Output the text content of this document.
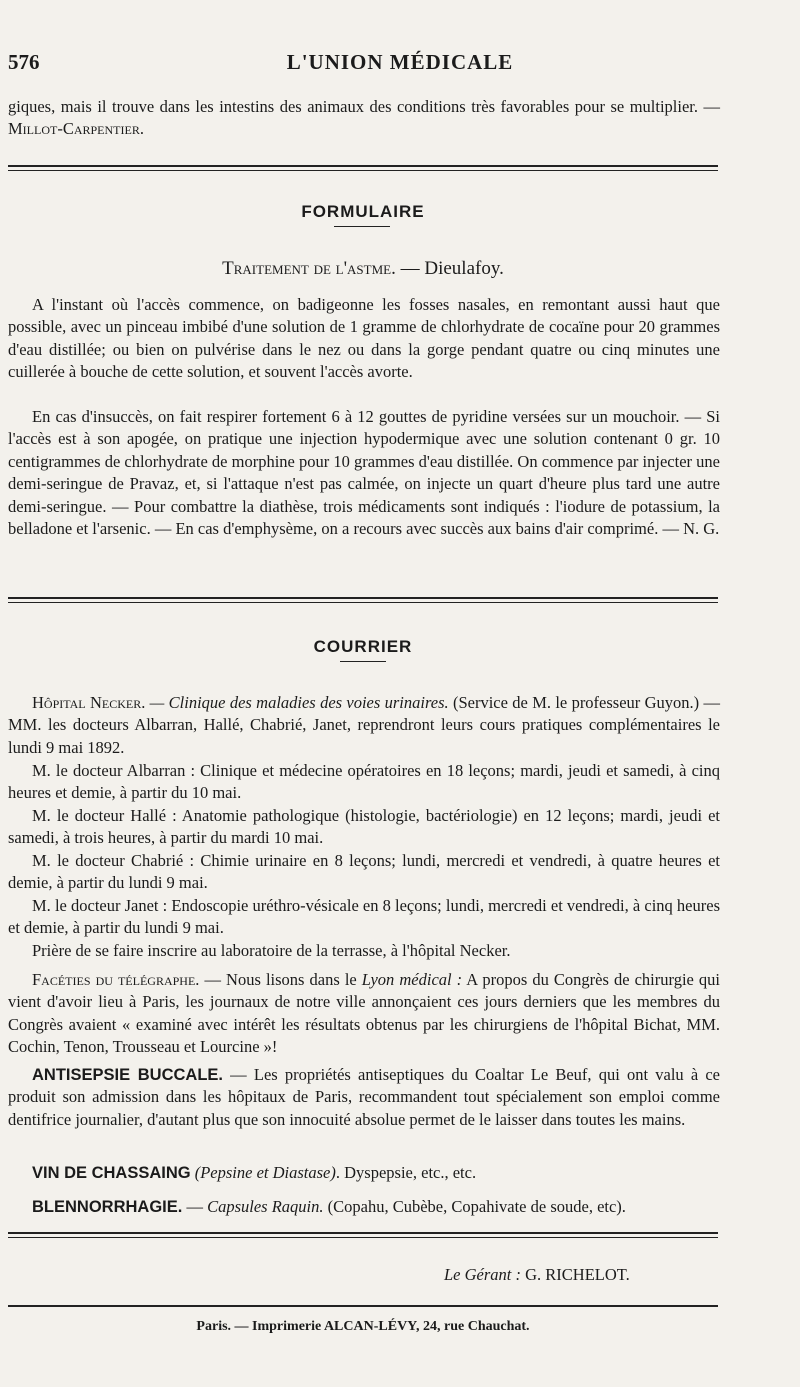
576	L'UNION MÉDICALE
giques, mais il trouve dans les intestins des animaux des conditions très favorables pour se multiplier. — Millot-Carpentier.
FORMULAIRE
Traitement de l'astme. — Dieulafoy.
A l'instant où l'accès commence, on badigeonne les fosses nasales, en remontant aussi haut que possible, avec un pinceau imbibé d'une solution de 1 gramme de chlorhydrate de cocaïne pour 20 grammes d'eau distillée; ou bien on pulvérise dans le nez ou dans la gorge pendant quatre ou cinq minutes une cuillerée à bouche de cette solution, et souvent l'accès avorte.
En cas d'insuccès, on fait respirer fortement 6 à 12 gouttes de pyridine versées sur un mouchoir. — Si l'accès est à son apogée, on pratique une injection hypodermique avec une solution contenant 0 gr. 10 centigrammes de chlorhydrate de morphine pour 10 grammes d'eau distillée. On commence par injecter une demi-seringue de Pravaz, et, si l'attaque n'est pas calmée, on injecte un quart d'heure plus tard une autre demi-seringue. — Pour combattre la diathèse, trois médicaments sont indiqués : l'iodure de potassium, la belladone et l'arsenic. — En cas d'emphysème, on a recours avec succès aux bains d'air comprimé. — N. G.
COURRIER
Hôpital Necker. — Clinique des maladies des voies urinaires. (Service de M. le professeur Guyon.) — MM. les docteurs Albarran, Hallé, Chabrié, Janet, reprendront leurs cours pratiques complémentaires le lundi 9 mai 1892.
M. le docteur Albarran : Clinique et médecine opératoires en 18 leçons; mardi, jeudi et samedi, à cinq heures et demie, à partir du 10 mai.
M. le docteur Hallé : Anatomie pathologique (histologie, bactériologie) en 12 leçons; mardi, jeudi et samedi, à trois heures, à partir du mardi 10 mai.
M. le docteur Chabrié : Chimie urinaire en 8 leçons; lundi, mercredi et vendredi, à quatre heures et demie, à partir du lundi 9 mai.
M. le docteur Janet : Endoscopie uréthro-vésicale en 8 leçons; lundi, mercredi et vendredi, à cinq heures et demie, à partir du lundi 9 mai.
Prière de se faire inscrire au laboratoire de la terrasse, à l'hôpital Necker.
Facéties du télégraphe. — Nous lisons dans le Lyon médical : A propos du Congrès de chirurgie qui vient d'avoir lieu à Paris, les journaux de notre ville annonçaient ces jours derniers que les membres du Congrès avaient « examiné avec intérêt les résultats obtenus par les chirurgiens de l'hôpital Bichat, MM. Cochin, Tenon, Trousseau et Lourcine »!
ANTISEPSIE BUCCALE. — Les propriétés antiseptiques du Coaltar Le Beuf, qui ont valu à ce produit son admission dans les hôpitaux de Paris, recommandent tout spécialement son emploi comme dentifrice journalier, d'autant plus que son innocuité absolue permet de le laisser dans toutes les mains.
VIN DE CHASSAING (Pepsine et Diastase). Dyspepsie, etc., etc.
BLENNORRHAGIE. — Capsules Raquin. (Copahu, Cubèbe, Copahivate de soude, etc).
Le Gérant : G. RICHELOT.
Paris. — Imprimerie ALCAN-LÉVY, 24, rue Chauchat.
